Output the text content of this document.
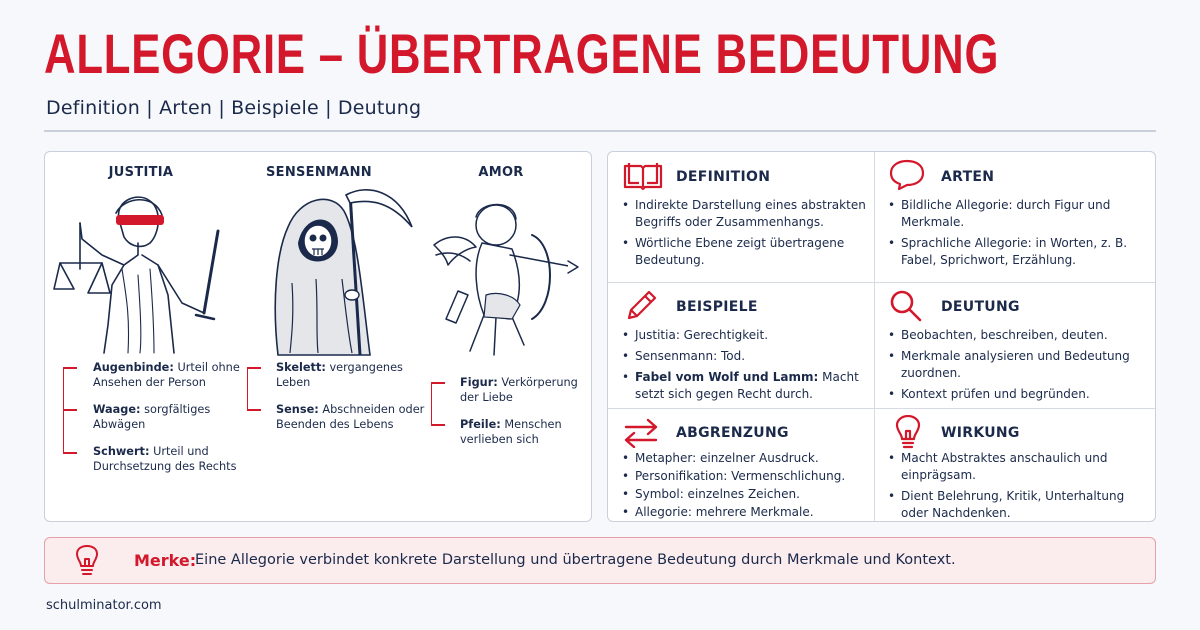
ALLEGORIE – ÜBERTRAGENE BEDEUTUNG
Definition | Arten | Beispiele | Deutung
JUSTITIA
Augenbinde: Urteil ohne Ansehen der Person
Waage: sorgfältiges Abwägen
Schwert: Urteil und Durchsetzung des Rechts
SENSENMANN
Skelett: vergangenes Leben
Sense: Abschneiden oder Beenden des Lebens
AMOR
Figur: Verkörperung der Liebe
Pfeile: Menschen verlieben sich
DEFINITION
• Indirekte Darstellung eines abstrakten Begriffs oder Zusammenhangs.
• Wörtliche Ebene zeigt übertragene Bedeutung.
ARTEN
• Bildliche Allegorie: durch Figur und Merkmale.
• Sprachliche Allegorie: in Worten, z. B. Fabel, Sprichwort, Erzählung.
BEISPIELE
• Justitia: Gerechtigkeit.
• Sensenmann: Tod.
• Fabel vom Wolf und Lamm: Macht setzt sich gegen Recht durch.
DEUTUNG
• Beobachten, beschreiben, deuten.
• Merkmale analysieren und Bedeutung zuordnen.
• Kontext prüfen und begründen.
ABGRENZUNG
• Metapher: einzelner Ausdruck.
• Personifikation: Vermenschlichung.
• Symbol: einzelnes Zeichen.
• Allegorie: mehrere Merkmale.
WIRKUNG
• Macht Abstraktes anschaulich und einprägsam.
• Dient Belehrung, Kritik, Unterhaltung oder Nachdenken.
Merke:
Eine Allegorie verbindet konkrete Darstellung und übertragene Bedeutung durch Merkmale und Kontext.
schulminator.com
